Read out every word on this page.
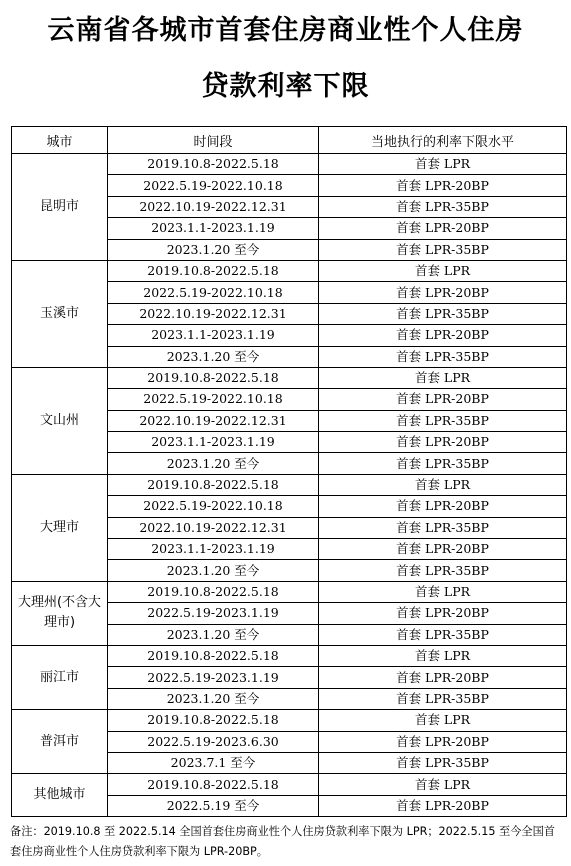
云南省各城市首套住房商业性个人住房
贷款利率下限
城市	时间段	当地执行的利率下限水平
昆明市	2019.10.8-2022.5.18	首套 LPR
	2022.5.19-2022.10.18	首套 LPR-20BP
	2022.10.19-2022.12.31	首套 LPR-35BP
	2023.1.1-2023.1.19	首套 LPR-20BP
	2023.1.20 至今	首套 LPR-35BP
玉溪市	2019.10.8-2022.5.18	首套 LPR
	2022.5.19-2022.10.18	首套 LPR-20BP
	2022.10.19-2022.12.31	首套 LPR-35BP
	2023.1.1-2023.1.19	首套 LPR-20BP
	2023.1.20 至今	首套 LPR-35BP
文山州	2019.10.8-2022.5.18	首套 LPR
	2022.5.19-2022.10.18	首套 LPR-20BP
	2022.10.19-2022.12.31	首套 LPR-35BP
	2023.1.1-2023.1.19	首套 LPR-20BP
	2023.1.20 至今	首套 LPR-35BP
大理市	2019.10.8-2022.5.18	首套 LPR
	2022.5.19-2022.10.18	首套 LPR-20BP
	2022.10.19-2022.12.31	首套 LPR-35BP
	2023.1.1-2023.1.19	首套 LPR-20BP
	2023.1.20 至今	首套 LPR-35BP
大理州(不含大理市)	2019.10.8-2022.5.18	首套 LPR
	2022.5.19-2023.1.19	首套 LPR-20BP
	2023.1.20 至今	首套 LPR-35BP
丽江市	2019.10.8-2022.5.18	首套 LPR
	2022.5.19-2023.1.19	首套 LPR-20BP
	2023.1.20 至今	首套 LPR-35BP
普洱市	2019.10.8-2022.5.18	首套 LPR
	2022.5.19-2023.6.30	首套 LPR-20BP
	2023.7.1 至今	首套 LPR-35BP
其他城市	2019.10.8-2022.5.18	首套 LPR
	2022.5.19 至今	首套 LPR-20BP
备注：2019.10.8 至 2022.5.14 全国首套住房商业性个人住房贷款利率下限为 LPR；2022.5.15 至今全国首套住房商业性个人住房贷款利率下限为 LPR-20BP。
